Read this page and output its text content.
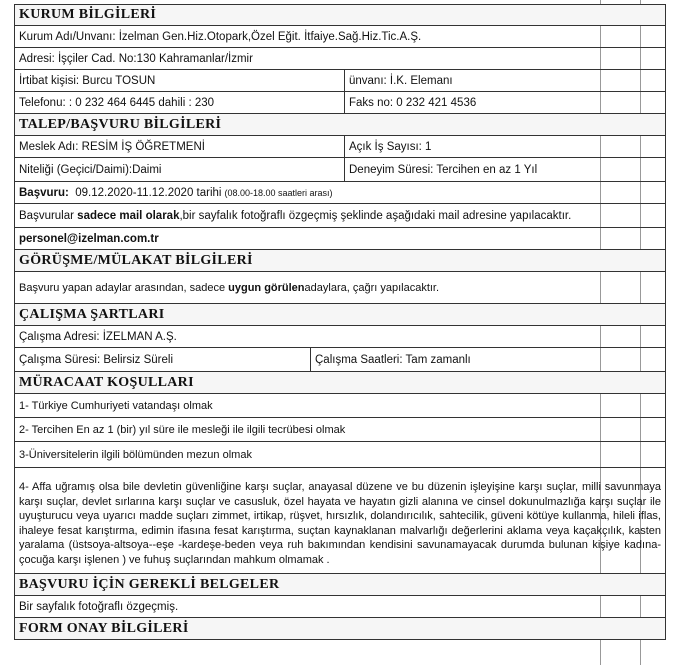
KURUM BİLGİLERİ
Kurum Adı/Unvanı: İzelman Gen.Hiz.Otopark,Özel Eğit. İtfaiye.Sağ.Hiz.Tic.A.Ş.
Adresi: İşçiler Cad. No:130 Kahramanlar/İzmir
İrtibat kişisi: Burcu TOSUN	ünvanı: İ.K. Elemanı
Telefonu: : 0 232 464 6445 dahili : 230	Faks no: 0 232 421 4536
TALEP/BAŞVURU BİLGİLERİ
Meslek Adı: RESİM İŞ ÖĞRETMENİ	Açık İş Sayısı: 1
Niteliği (Geçici/Daimi):Daimi	Deneyim Süresi: Tercihen en az 1 Yıl
Başvuru:
09.12.2020-11.12.2020 tarihi (08.00-18.00 saatleri arası)
Başvurular
sadece mail olarak ,bir sayfalık fotoğraflı özgeçmiş şeklinde aşağıdaki mail adresine yapılacaktır.
personel@izelman.com.tr
GÖRÜŞME/MÜLAKAT BİLGİLERİ
Başvuru yapan adaylar arasından, sadece
uygun görülen adaylara, çağrı yapılacaktır.
ÇALIŞMA ŞARTLARI
Çalışma Adresi: İZELMAN A.Ş.
Çalışma Süresi: Belirsiz Süreli	Çalışma Saatleri: Tam zamanlı
MÜRACAAT KOŞULLARI
1- Türkiye Cumhuriyeti vatandaşı olmak
2- Tercihen En az 1 (bir) yıl süre ile mesleği ile ilgili tecrübesi olmak
3-Üniversitelerin ilgili bölümünden mezun olmak
4- Affa uğramış olsa bile devletin güvenliğine karşı suçlar, anayasal düzene ve bu düzenin işleyişine karşı suçlar, milli savunmaya karşı suçlar, devlet sırlarına karşı suçlar ve casusluk, özel hayata ve hayatın gizli alanına ve cinsel dokunulmazlığa karşı suçlar ile uyuşturucu veya uyarıcı madde suçları zimmet, irtikap, rüşvet, hırsızlık, dolandırıcılık, sahtecilik, güveni kötüye kullanma, hileli iflas, ihaleye fesat karıştırma, edimin ifasına fesat karıştırma, suçtan kaynaklanan malvarlığı değerlerini aklama veya kaçakçılık, kasten yaralama (üstsoya-altsoya--eşe -kardeşe-beden veya ruh bakımından kendisini savunamayacak durumda bulunan kişiye kadına- çocuğa karşı işlenen ) ve fuhuş suçlarından mahkum olmamak .
BAŞVURU İÇİN GEREKLİ BELGELER
Bir sayfalık fotoğraflı özgeçmiş.
FORM ONAY BİLGİLERİ
